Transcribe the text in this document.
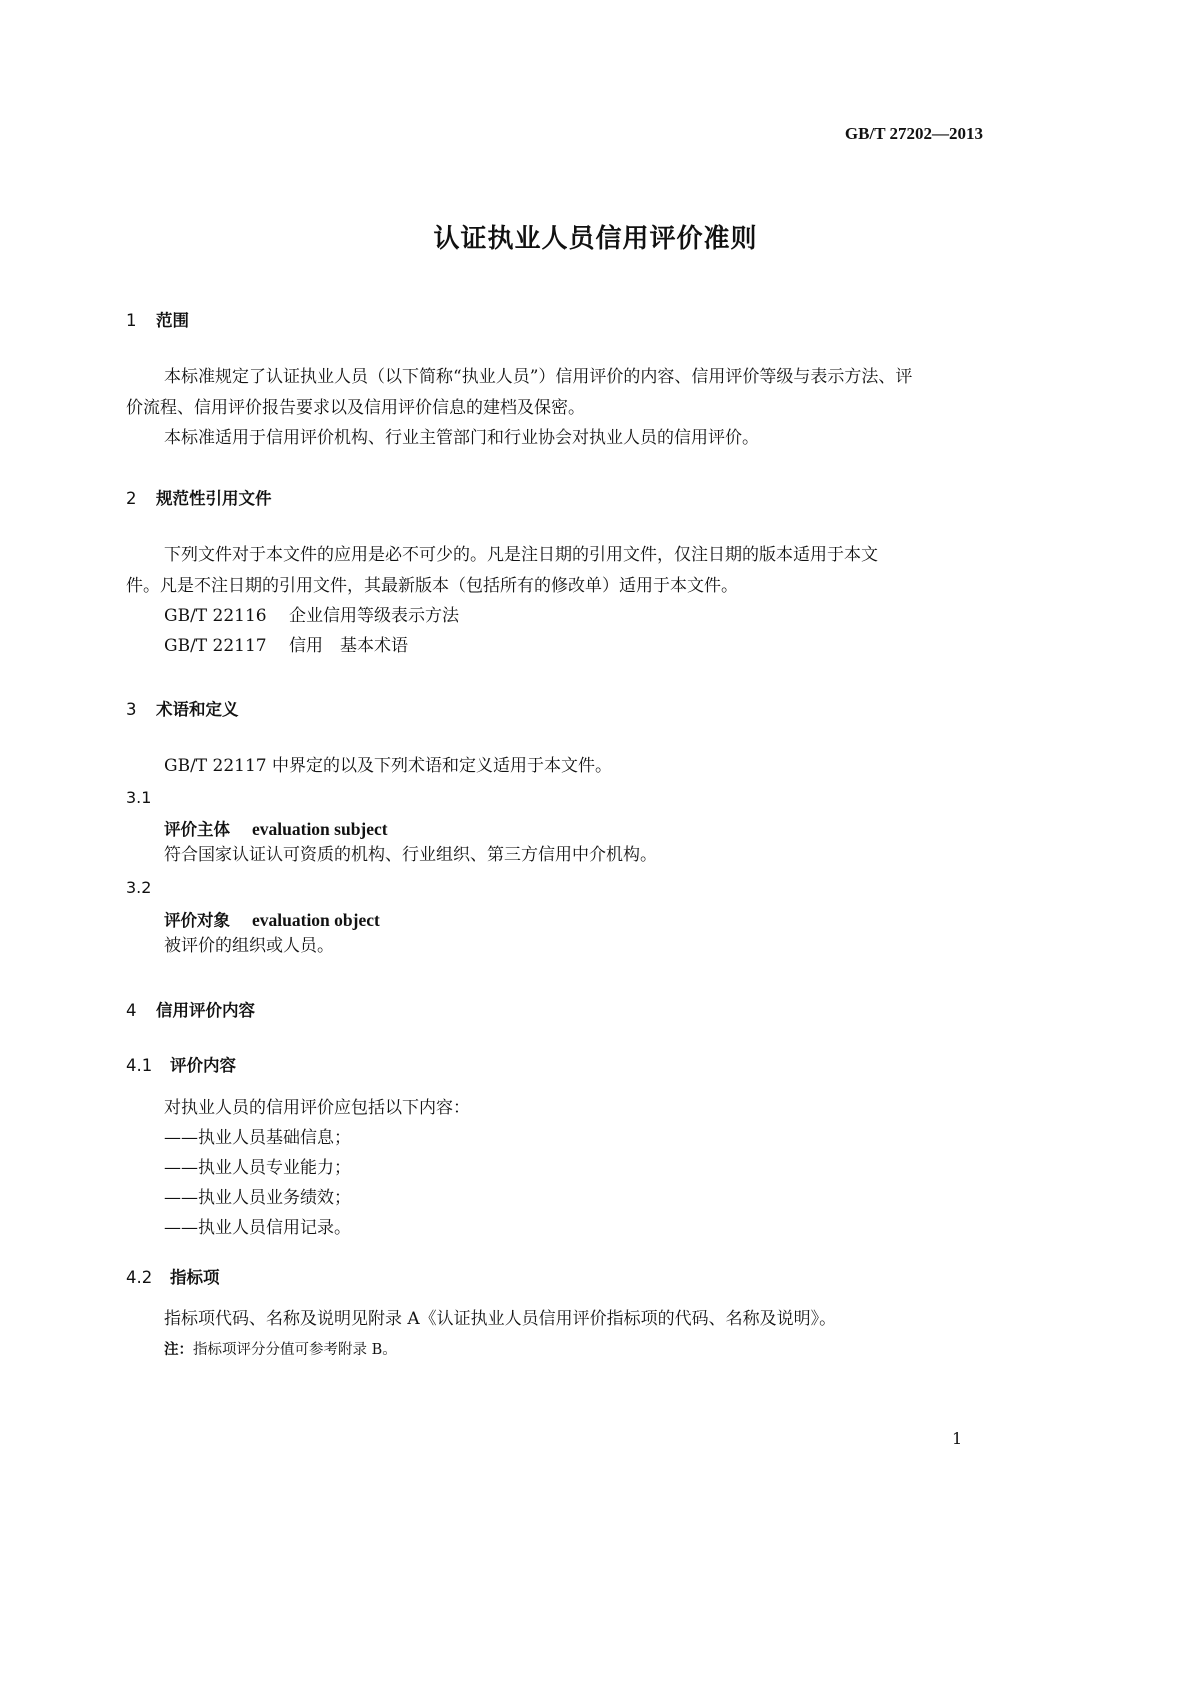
GB/T 27202—2013
认证执业人员信用评价准则
1 范围
本标准规定了认证执业人员（以下简称“执业人员”）信用评价的内容、信用评价等级与表示方法、评
价流程、信用评价报告要求以及信用评价信息的建档及保密。
本标准适用于信用评价机构、行业主管部门和行业协会对执业人员的信用评价。
2 规范性引用文件
下列文件对于本文件的应用是必不可少的。凡是注日期的引用文件，仅注日期的版本适用于本文
件。凡是不注日期的引用文件，其最新版本（包括所有的修改单）适用于本文件。
GB/T 22116 企业信用等级表示方法
GB/T 22117 信用　基本术语
3 术语和定义
GB/T 22117 中界定的以及下列术语和定义适用于本文件。
3.1
评价主体 evaluation subject
符合国家认证认可资质的机构、行业组织、第三方信用中介机构。
3.2
评价对象 evaluation object
被评价的组织或人员。
4 信用评价内容
4.1 评价内容
对执业人员的信用评价应包括以下内容：
——执业人员基础信息；
——执业人员专业能力；
——执业人员业务绩效；
——执业人员信用记录。
4.2 指标项
指标项代码、名称及说明见附录 A《认证执业人员信用评价指标项的代码、名称及说明》。
注：指标项评分分值可参考附录 B。
1
